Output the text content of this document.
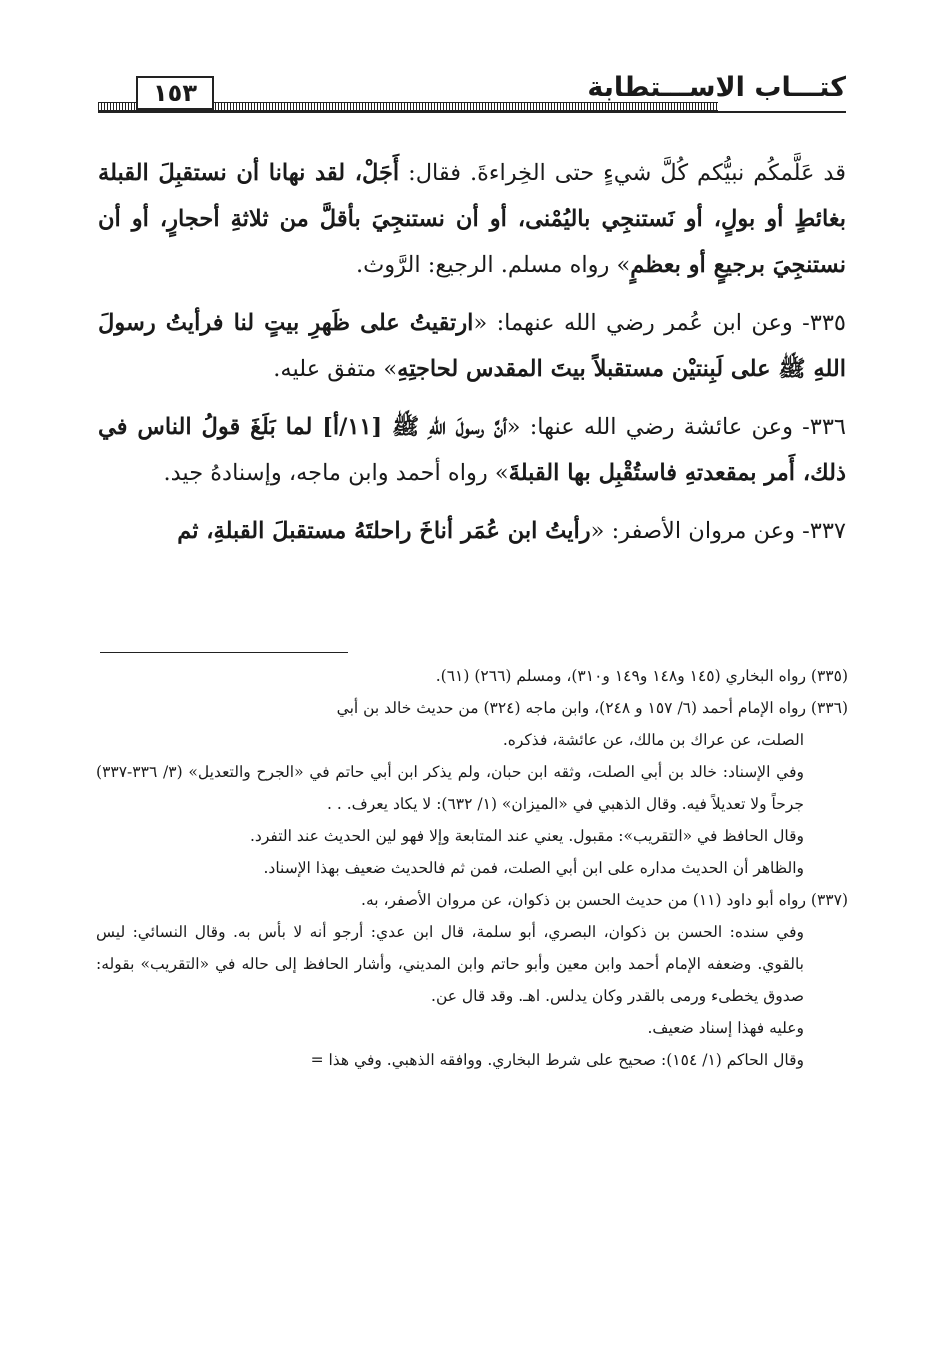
١٥٣	كتـــاب الاســـتطابة

قد عَلَّمكُم نبيُّكم كُلَّ شيءٍ حتى الخِراءةَ. فقال: أَجَلْ، لقد نهانا أن نستقبِلَ القبلة بغائطٍ أو بولٍ، أو نَستنجِي باليُمْنى، أو أن نستنجِيَ بأقلَّ من ثلاثةِ أحجارٍ، أو أن نستنجِيَ برجيعٍ أو بعظمٍ» رواه مسلم. الرجيع: الرَّوث.

٣٣٥- وعن ابن عُمر رضي الله عنهما: «ارتقيتُ على ظَهرِ بيتٍ لنا فرأيتُ رسولَ اللهِ ﷺ على لَبِنتيْن مستقبلاً بيتَ المقدس لحاجتِهِ» متفق عليه.

٣٣٦- وعن عائشة رضي الله عنها: «أنَّ رسولَ اللهِ ﷺ [١١/أ] لما بَلَغَ قولُ الناس في ذلك، أَمر بمقعدتهِ فاستُقْبِل بها القبلةَ» رواه أحمد وابن ماجه، وإسنادهُ جيد.

٣٣٧- وعن مروان الأصفر: «رأيتُ ابن عُمَر أناخَ راحلتَهُ مستقبلَ القبلةِ، ثم

(٣٣٥) رواه البخاري (١٤٥ و١٤٨ و١٤٩ و٣١٠)، ومسلم (٢٦٦) (٦١).

(٣٣٦) رواه الإمام أحمد (٦/ ١٥٧ و ٢٤٨)، وابن ماجه (٣٢٤) من حديث خالد بن أبي

الصلت، عن عراك بن مالك، عن عائشة، فذكره.

وفي الإسناد: خالد بن أبي الصلت، وثقه ابن حبان، ولم يذكر ابن أبي حاتم في «الجرح والتعديل» (٣/ ٣٣٦-٣٣٧) جرحاً ولا تعديلاً فيه. وقال الذهبي في «الميزان» (١/ ٦٣٢): لا يكاد يعرف. . .

وقال الحافظ في «التقريب»: مقبول. يعني عند المتابعة وإلا فهو لين الحديث عند التفرد.

والظاهر أن الحديث مداره على ابن أبي الصلت، فمن ثم فالحديث ضعيف بهذا الإسناد.

(٣٣٧) رواه أبو داود (١١) من حديث الحسن بن ذكوان، عن مروان الأصفر، به.

وفي سنده: الحسن بن ذكوان، البصري، أبو سلمة، قال ابن عدي: أرجو أنه لا بأس به. وقال النسائي: ليس بالقوي. وضعفه الإمام أحمد وابن معين وأبو حاتم وابن المديني، وأشار الحافظ إلى حاله في «التقريب» بقوله: صدوق يخطىء ورمى بالقدر وكان يدلس. اهـ. وقد قال عن.

وعليه فهذا إسناد ضعيف.

وقال الحاكم (١/ ١٥٤): صحيح على شرط البخاري. ووافقه الذهبي. وفي هذا =
